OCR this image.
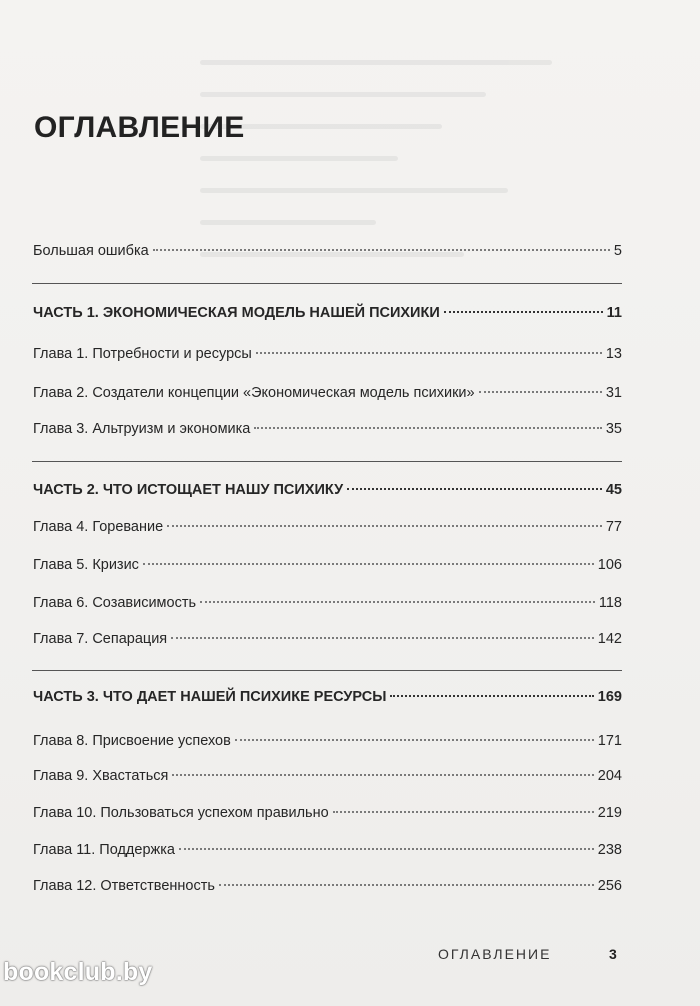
ОГЛАВЛЕНИЕ
Большая ошибка	5
ЧАСТЬ 1. ЭКОНОМИЧЕСКАЯ МОДЕЛЬ НАШЕЙ ПСИХИКИ	11
Глава 1. Потребности и ресурсы	13
Глава 2. Создатели концепции «Экономическая модель психики»	31
Глава 3. Альтруизм и экономика	35
ЧАСТЬ 2. ЧТО ИСТОЩАЕТ НАШУ ПСИХИКУ	45
Глава 4. Горевание	77
Глава 5. Кризис	106
Глава 6. Созависимость	118
Глава 7. Сепарация	142
ЧАСТЬ 3. ЧТО ДАЕТ НАШЕЙ ПСИХИКЕ РЕСУРСЫ	169
Глава 8. Присвоение успехов	171
Глава 9. Хвастаться	204
Глава 10. Пользоваться успехом правильно	219
Глава 11. Поддержка	238
Глава 12. Ответственность	256
ОГЛАВЛЕНИЕ	3
bookclub.by
